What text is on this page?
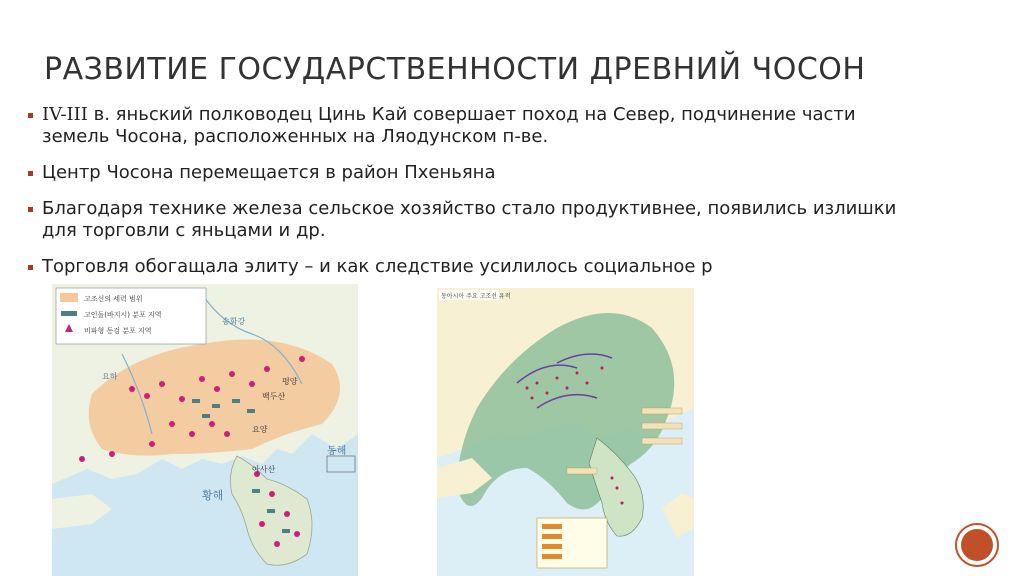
РАЗВИТИЕ ГОСУДАРСТВЕННОСТИ ДРЕВНИЙ ЧОСОН
IV-III в. яньский полководец Цинь Кай совершает поход на Север, подчинение части земель Чосона, расположенных на Ляодунском п-ве.
Центр Чосона перемещается в район Пхеньяна
Благодаря технике железа сельское хозяйство стало продуктивнее, появились излишки для торговли с яньцами и др.
Торговля обогащала элиту – и как следствие усилилось социальное р
고조선의 세력 범위
고인돌(바지시) 분포 지역
비파형 동검 분포 지역
송화강
요하
평양
백두산
요양
아사산
동해
황해
동아시아 주요 고조선 유적
